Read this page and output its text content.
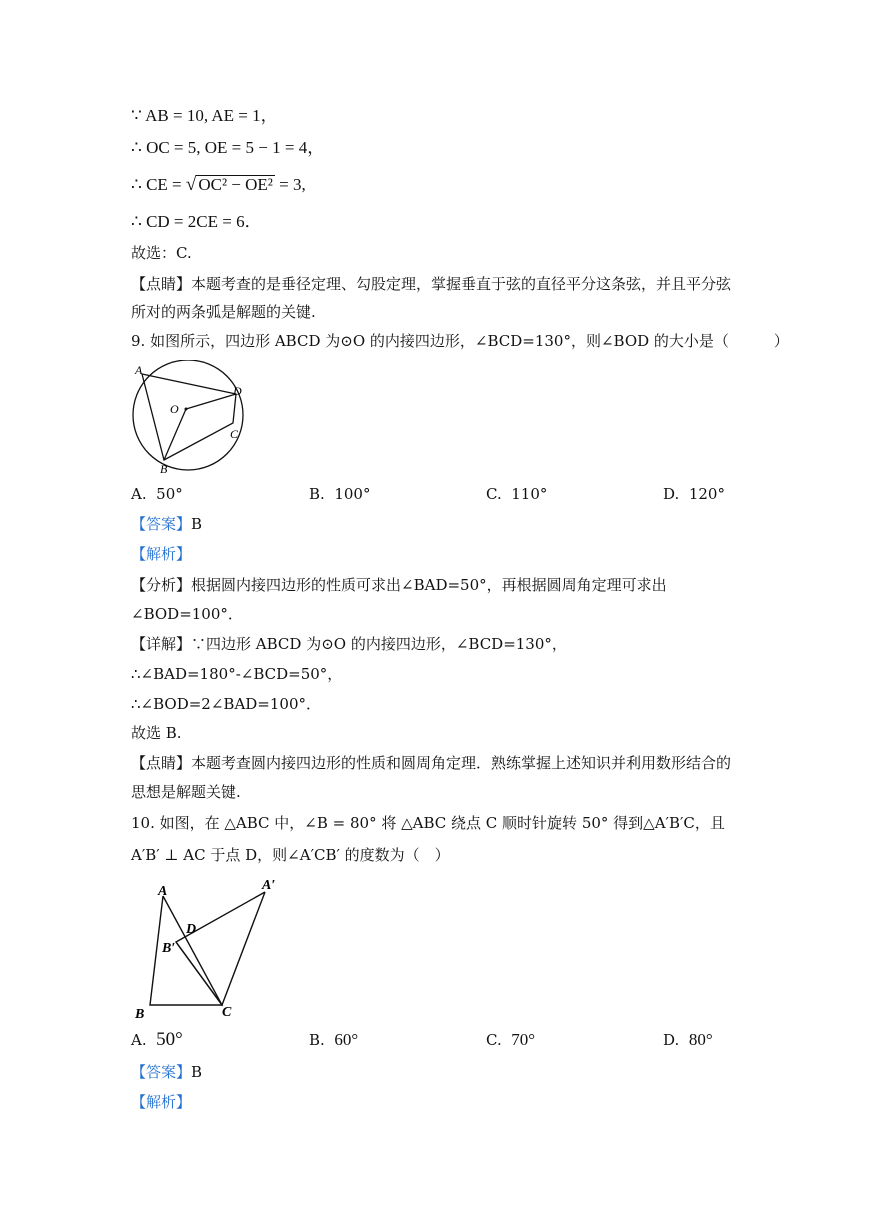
∵ AB = 10, AE = 1，
∴ OC = 5, OE = 5 − 1 = 4，
∴ CE = √ OC² − OE² = 3,
∴ CD = 2CE = 6．
故选：C.
【点睛】本题考查的是垂径定理、勾股定理，掌握垂直于弦的直径平分这条弦，并且平分弦
所对的两条弧是解题的关键.
9. 如图所示，四边形 ABCD 为⊙O 的内接四边形，∠BCD=130°，则∠BOD 的大小是（　　　）
A
O
D
C
B
A. 50°	B. 100°	C. 110°	D. 120°
【答案】B
【解析】
【分析】根据圆内接四边形的性质可求出∠BAD=50°，再根据圆周角定理可求出
∠BOD=100°．
【详解】∵四边形 ABCD 为⊙O 的内接四边形，∠BCD=130°，
∴∠BAD=180°-∠BCD=50°，
∴∠BOD=2∠BAD=100°．
故选 B.
【点睛】本题考查圆内接四边形的性质和圆周角定理．熟练掌握上述知识并利用数形结合的
思想是解题关键.
10. 如图，在 △ABC 中，∠B = 80° 将 △ABC 绕点 C 顺时针旋转 50° 得到△A′B′C，且
A′B′ ⊥ AC 于点 D，则∠A′CB′ 的度数为（　）
A	A′
D
B′
B	C
A. 50°	B. 60°	C. 70°	D. 80°
【答案】B
【解析】
